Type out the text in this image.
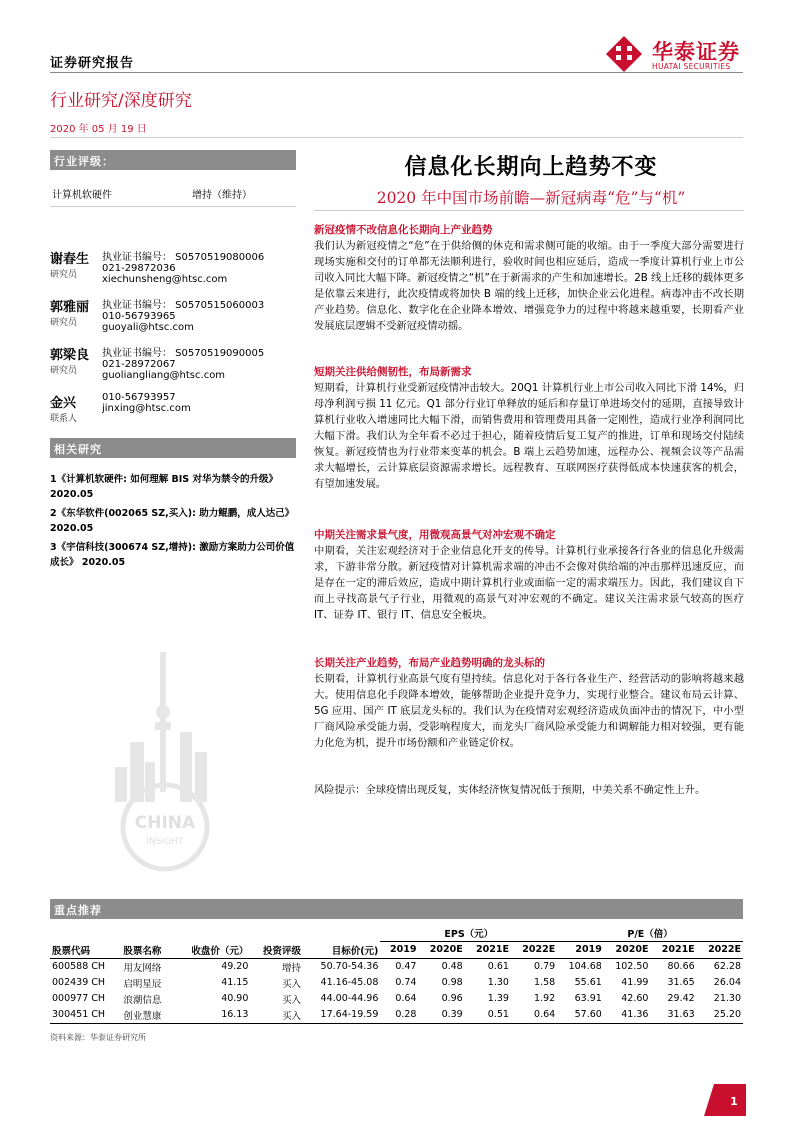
证券研究报告
行业研究/深度研究
2020 年 05 月 19 日
华泰证券
HUATAI SECURITIES
行业评级：
计算机软硬件	增持（维持）
谢春生
研究员
执业证书编号： S0570519080006
021-29872036
xiechunsheng@htsc.com
郭雅丽
研究员
执业证书编号： S0570515060003
010-56793965
guoyali@htsc.com
郭梁良
研究员
执业证书编号： S0570519090005
021-28972067
guoliangliang@htsc.com
金兴
联系人
010-56793957
jinxing@htsc.com
相关研究
1《计算机软硬件: 如何理解 BIS 对华为禁令的升级》 2020.05
2《东华软件(002065 SZ,买入): 助力鲲鹏，成人达己》 2020.05
3《宇信科技(300674 SZ,增持): 激励方案助力公司价值成长》 2020.05
CHINA
INSIGHT
信息化长期向上趋势不变
2020 年中国市场前瞻—新冠病毒“危”与“机”
新冠疫情不改信息化长期向上产业趋势
我们认为新冠疫情之“危”在于供给侧的休克和需求侧可能的收缩。由于一季度大部分需要进行现场实施和交付的订单都无法顺利进行，验收时间也相应延后，造成一季度计算机行业上市公司收入同比大幅下降。新冠疫情之“机”在于新需求的产生和加速增长。2B 线上迁移的载体更多是依靠云来进行，此次疫情或将加快 B 端的线上迁移，加快企业云化进程。病毒冲击不改长期产业趋势。信息化、数字化在企业降本增效、增强竞争力的过程中将越来越重要，长期看产业发展底层逻辑不受新冠疫情动摇。
短期关注供给侧韧性，布局新需求
短期看，计算机行业受新冠疫情冲击较大。20Q1 计算机行业上市公司收入同比下滑 14%，归母净利润亏损 11 亿元。Q1 部分行业订单释放的延后和存量订单进场交付的延期，直接导致计算机行业收入增速同比大幅下滑，而销售费用和管理费用具备一定刚性，造成行业净利润同比大幅下滑。我们认为全年看不必过于担心，随着疫情后复工复产的推进，订单和现场交付陆续恢复。新冠疫情也为行业带来变革的机会。B 端上云趋势加速，远程办公、视频会议等产品需求大幅增长，云计算底层资源需求增长。远程教育、互联网医疗获得低成本快速获客的机会，有望加速发展。
中期关注需求景气度，用微观高景气对冲宏观不确定
中期看，关注宏观经济对于企业信息化开支的传导。计算机行业承接各行各业的信息化升级需求，下游非常分散。新冠疫情对计算机需求端的冲击不会像对供给端的冲击那样迅速反应，而是存在一定的滞后效应，造成中期计算机行业或面临一定的需求端压力。因此，我们建议自下而上寻找高景气子行业，用微观的高景气对冲宏观的不确定。建议关注需求景气较高的医疗 IT、证券 IT、银行 IT、信息安全板块。
长期关注产业趋势，布局产业趋势明确的龙头标的
长期看，计算机行业高景气度有望持续。信息化对于各行各业生产、经营活动的影响将越来越大。使用信息化手段降本增效，能够帮助企业提升竞争力，实现行业整合。建议布局云计算、5G 应用、国产 IT 底层龙头标的。我们认为在疫情对宏观经济造成负面冲击的情况下，中小型厂商风险承受能力弱，受影响程度大，而龙头厂商风险承受能力和调解能力相对较强，更有能力化危为机，提升市场份额和产业链定价权。
风险提示：全球疫情出现反复，实体经济恢复情况低于预期，中美关系不确定性上升。
重点推荐
					EPS（元）				P/E（倍）			
股票代码	股票名称	收盘价（元）	投资评级	目标价(元)	2019	2020E	2021E	2022E	2019	2020E	2021E	2022E
600588 CH	用友网络	49.20	增持	50.70-54.36	0.47	0.48	0.61	0.79	104.68	102.50	80.66	62.28
002439 CH	启明星辰	41.15	买入	41.16-45.08	0.74	0.98	1.30	1.58	55.61	41.99	31.65	26.04
000977 CH	浪潮信息	40.90	买入	44.00-44.96	0.64	0.96	1.39	1.92	63.91	42.60	29.42	21.30
300451 CH	创业慧康	16.13	买入	17.64-19.59	0.28	0.39	0.51	0.64	57.60	41.36	31.63	25.20
资料来源：华泰证券研究所
1
